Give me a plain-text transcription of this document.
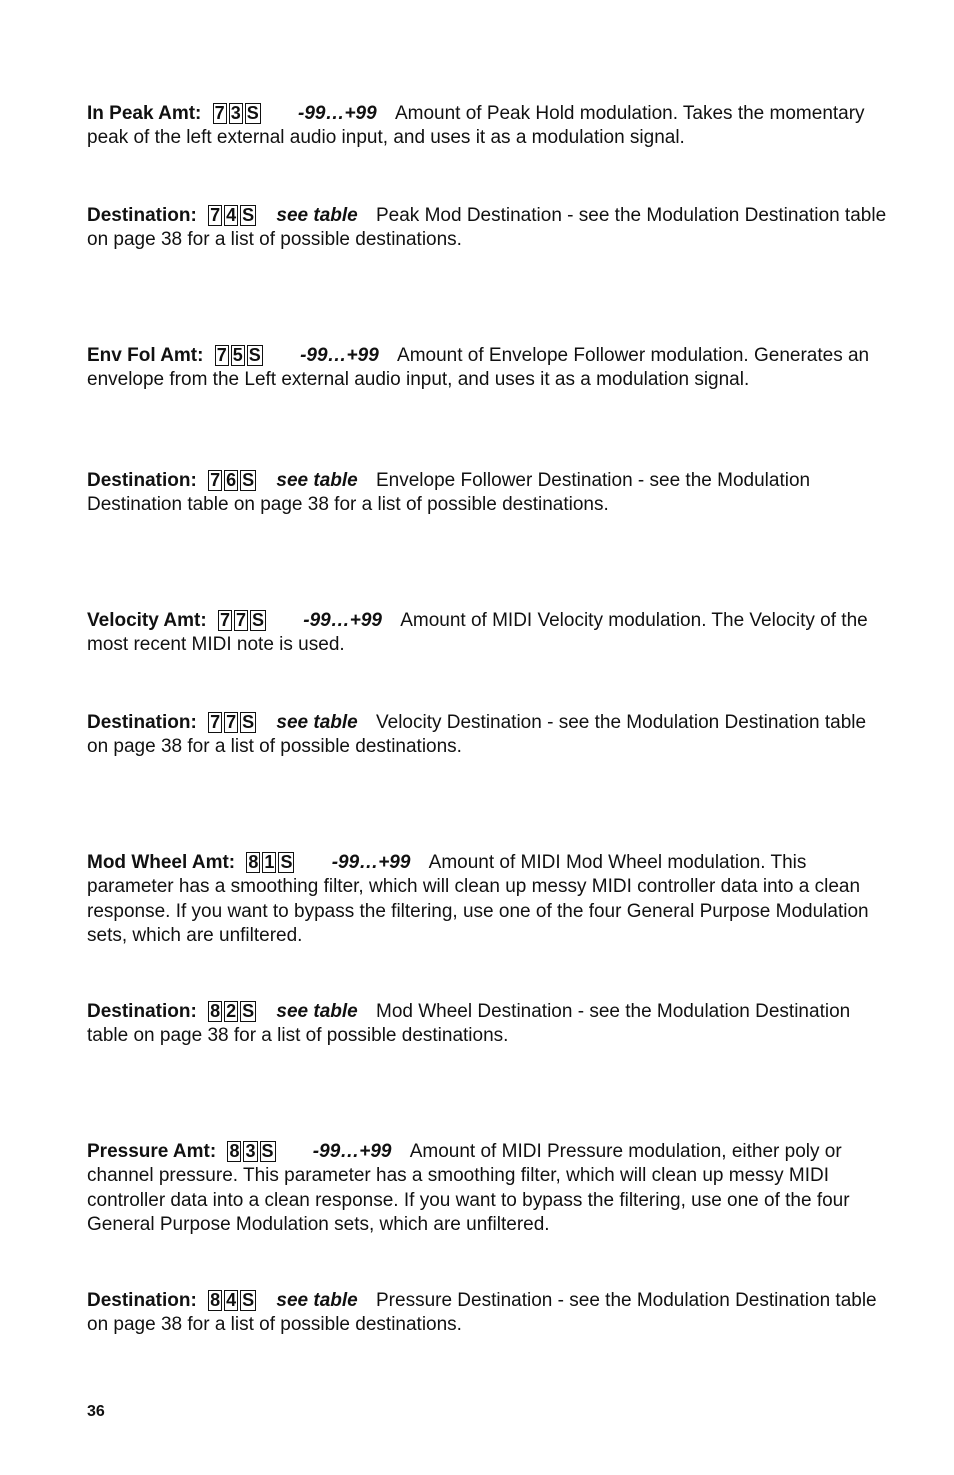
In Peak Amt: 7 3 S -99…+99 Amount of Peak Hold modulation. Takes the momentary peak of the left external audio input, and uses it as a modulation signal.
Destination: 7 4 S see table Peak Mod Destination - see the Modulation Destination table on page 38 for a list of possible destinations.
Env Fol Amt: 7 5 S -99…+99 Amount of Envelope Follower modulation. Generates an envelope from the Left external audio input, and uses it as a modulation signal.
Destination: 7 6 S see table Envelope Follower Destination - see the Modulation Destination table on page 38 for a list of possible destinations.
Velocity Amt: 7 7 S -99…+99 Amount of MIDI Velocity modulation. The Velocity of the most recent MIDI note is used.
Destination: 7 7 S see table Velocity Destination - see the Modulation Destination table on page 38 for a list of possible destinations.
Mod Wheel Amt: 8 1 S -99…+99 Amount of MIDI Mod Wheel modulation. This parameter has a smoothing filter, which will clean up messy MIDI controller data into a clean response. If you want to bypass the filtering, use one of the four General Purpose Modulation sets, which are unfiltered.
Destination: 8 2 S see table Mod Wheel Destination - see the Modulation Destination table on page 38 for a list of possible destinations.
Pressure Amt: 8 3 S -99…+99 Amount of MIDI Pressure modulation, either poly or channel pressure. This parameter has a smoothing filter, which will clean up messy MIDI controller data into a clean response. If you want to bypass the filtering, use one of the four General Purpose Modulation sets, which are unfiltered.
Destination: 8 4 S see table Pressure Destination - see the Modulation Destination table on page 38 for a list of possible destinations.
36
